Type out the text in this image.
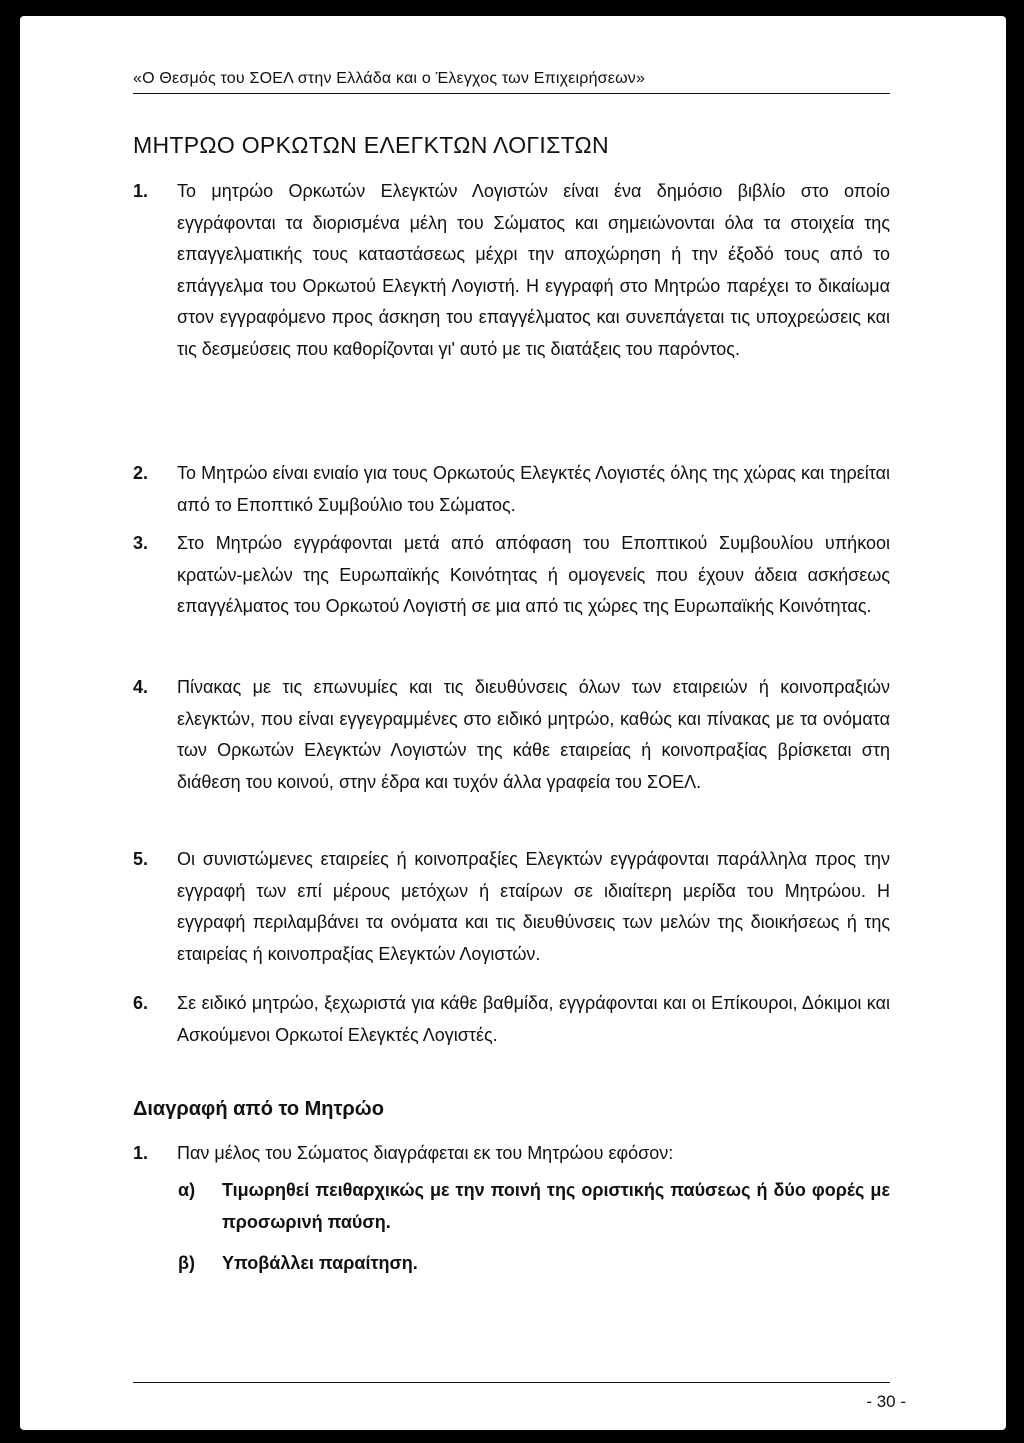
«Ο Θεσμός του ΣΟΕΛ στην Ελλάδα και ο Έλεγχος των Επιχειρήσεων»
ΜΗΤΡΩΟ ΟΡΚΩΤΩΝ ΕΛΕΓΚΤΩΝ ΛΟΓΙΣΤΩΝ
1. Το μητρώο Ορκωτών Ελεγκτών Λογιστών είναι ένα δημόσιο βιβλίο στο οποίο εγγράφονται τα διορισμένα μέλη του Σώματος και σημειώνονται όλα τα στοιχεία της επαγγελματικής τους καταστάσεως μέχρι την αποχώρηση ή την έξοδό τους από το επάγγελμα του Ορκωτού Ελεγκτή Λογιστή. Η εγγραφή στο Μητρώο παρέχει το δικαίωμα στον εγγραφόμενο προς άσκηση του επαγγέλματος και συνεπάγεται τις υποχρεώσεις και τις δεσμεύσεις που καθορίζονται γι' αυτό με τις διατάξεις του παρόντος.
2. Το Μητρώο είναι ενιαίο για τους Ορκωτούς Ελεγκτές Λογιστές όλης της χώρας και τηρείται από το Εποπτικό Συμβούλιο του Σώματος.
3. Στο Μητρώο εγγράφονται μετά από απόφαση του Εποπτικού Συμβουλίου υπήκοοι κρατών-μελών της Ευρωπαϊκής Κοινότητας ή ομογενείς που έχουν άδεια ασκήσεως επαγγέλματος του Ορκωτού Λογιστή σε μια από τις χώρες της Ευρωπαϊκής Κοινότητας.
4. Πίνακας με τις επωνυμίες και τις διευθύνσεις όλων των εταιρειών ή κοινοπραξιών ελεγκτών, που είναι εγγεγραμμένες στο ειδικό μητρώο, καθώς και πίνακας με τα ονόματα των Ορκωτών Ελεγκτών Λογιστών της κάθε εταιρείας ή κοινοπραξίας βρίσκεται στη διάθεση του κοινού, στην έδρα και τυχόν άλλα γραφεία του ΣΟΕΛ.
5. Οι συνιστώμενες εταιρείες ή κοινοπραξίες Ελεγκτών εγγράφονται παράλληλα προς την εγγραφή των επί μέρους μετόχων ή εταίρων σε ιδιαίτερη μερίδα του Μητρώου. Η εγγραφή περιλαμβάνει τα ονόματα και τις διευθύνσεις των μελών της διοικήσεως ή της εταιρείας ή κοινοπραξίας Ελεγκτών Λογιστών.
6. Σε ειδικό μητρώο, ξεχωριστά για κάθε βαθμίδα, εγγράφονται και οι Επίκουροι, Δόκιμοι και Ασκούμενοι Ορκωτοί Ελεγκτές Λογιστές.
Διαγραφή από το Μητρώο
1. Παν μέλος του Σώματος διαγράφεται εκ του Μητρώου εφόσον:
α) Τιμωρηθεί πειθαρχικώς με την ποινή της οριστικής παύσεως ή δύο φορές με προσωρινή παύση.
β) Υποβάλλει παραίτηση.
- 30 -
